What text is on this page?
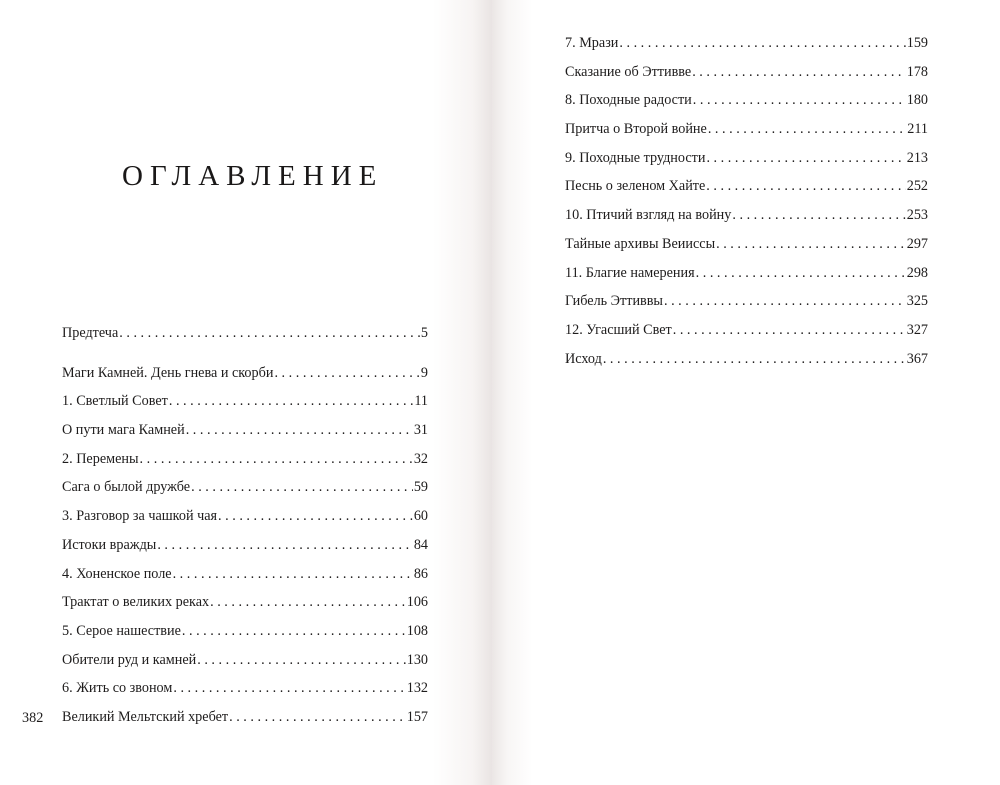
ОГЛАВЛЕНИЕ
Предтеча . . .	5
Маги Камней. День гнева и скорби . . .	9
1. Светлый Совет . . .	11
О пути мага Камней . . .	31
2. Перемены . . .	32
Сага о былой дружбе . . .	59
3. Разговор за чашкой чая . . .	60
Истоки вражды . . .	84
4. Хоненское поле . . .	86
Трактат о великих реках . . .	106
5. Серое нашествие . . .	108
Обители руд и камней . . .	130
6. Жить со звоном . . .	132
Великий Мельтский хребет . . .	157
382
7. Мрази . . .	159
Сказание об Эттивве . . .	178
8. Походные радости . . .	180
Притча о Второй войне . . .	211
9. Походные трудности . . .	213
Песнь о зеленом Хайте . . .	252
10. Птичий взгляд на войну . . .	253
Тайные архивы Веииссы . . .	297
11. Благие намерения . . .	298
Гибель Эттиввы . . .	325
12. Угасший Свет . . .	327
Исход . . .	367
